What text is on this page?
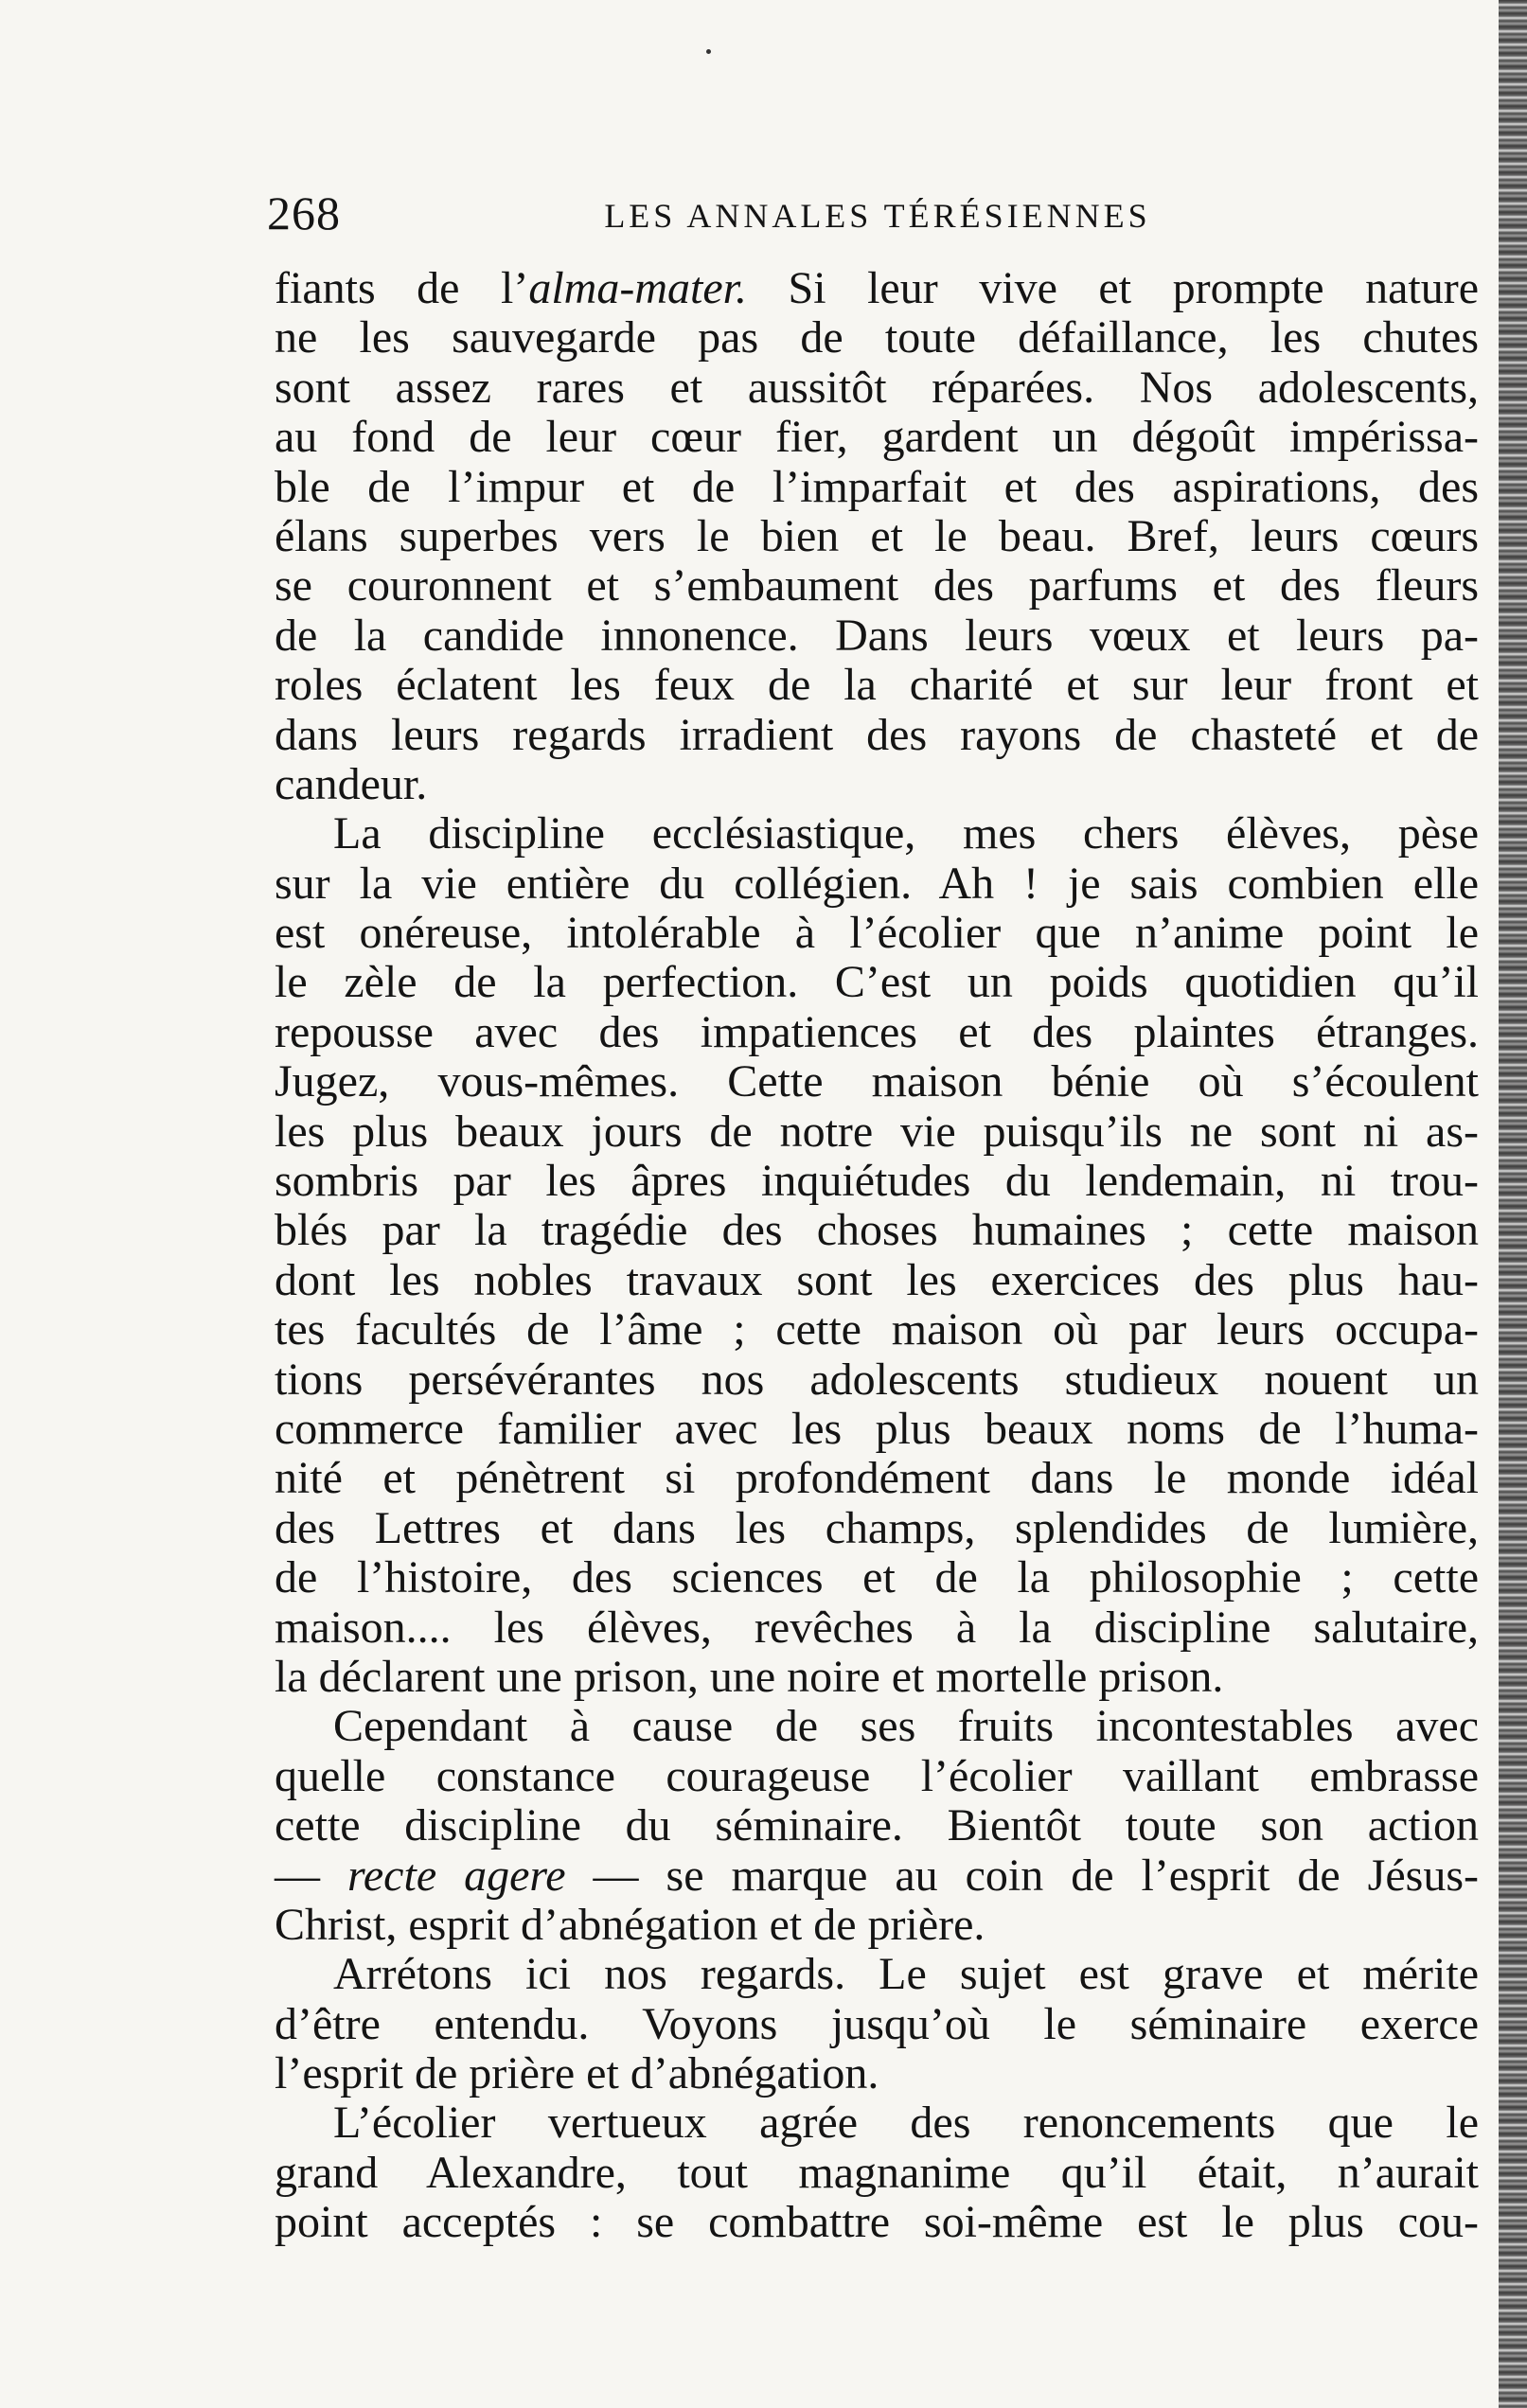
268	LES ANNALES TÉRÉSIENNES
fiants de l’alma-mater. Si leur vive et prompte nature
ne les sauvegarde pas de toute défaillance, les chutes
sont assez rares et aussitôt réparées. Nos adolescents,
au fond de leur cœur fier, gardent un dégoût impérissa-
ble de l’impur et de l’imparfait et des aspirations, des
élans superbes vers le bien et le beau. Bref, leurs cœurs
se couronnent et s’embaument des parfums et des fleurs
de la candide innonence. Dans leurs vœux et leurs pa-
roles éclatent les feux de la charité et sur leur front et
dans leurs regards irradient des rayons de chasteté et de
candeur.
La discipline ecclésiastique, mes chers élèves, pèse
sur la vie entière du collégien. Ah ! je sais combien elle
est onéreuse, intolérable à l’écolier que n’anime point le
le zèle de la perfection. C’est un poids quotidien qu’il
repousse avec des impatiences et des plaintes étranges.
Jugez, vous-mêmes. Cette maison bénie où s’écoulent
les plus beaux jours de notre vie puisqu’ils ne sont ni as-
sombris par les âpres inquiétudes du lendemain, ni trou-
blés par la tragédie des choses humaines ; cette maison
dont les nobles travaux sont les exercices des plus hau-
tes facultés de l’âme ; cette maison où par leurs occupa-
tions persévérantes nos adolescents studieux nouent un
commerce familier avec les plus beaux noms de l’huma-
nité et pénètrent si profondément dans le monde idéal
des Lettres et dans les champs, splendides de lumière,
de l’histoire, des sciences et de la philosophie ; cette
maison.... les élèves, revêches à la discipline salutaire,
la déclarent une prison, une noire et mortelle prison.
Cependant à cause de ses fruits incontestables avec
quelle constance courageuse l’écolier vaillant embrasse
cette discipline du séminaire. Bientôt toute son action
— recte agere — se marque au coin de l’esprit de Jésus-
Christ, esprit d’abnégation et de prière.
Arrétons ici nos regards. Le sujet est grave et mérite
d’être entendu. Voyons jusqu’où le séminaire exerce
l’esprit de prière et d’abnégation.
L’écolier vertueux agrée des renoncements que le
grand Alexandre, tout magnanime qu’il était, n’aurait
point acceptés : se combattre soi-même est le plus cou-
